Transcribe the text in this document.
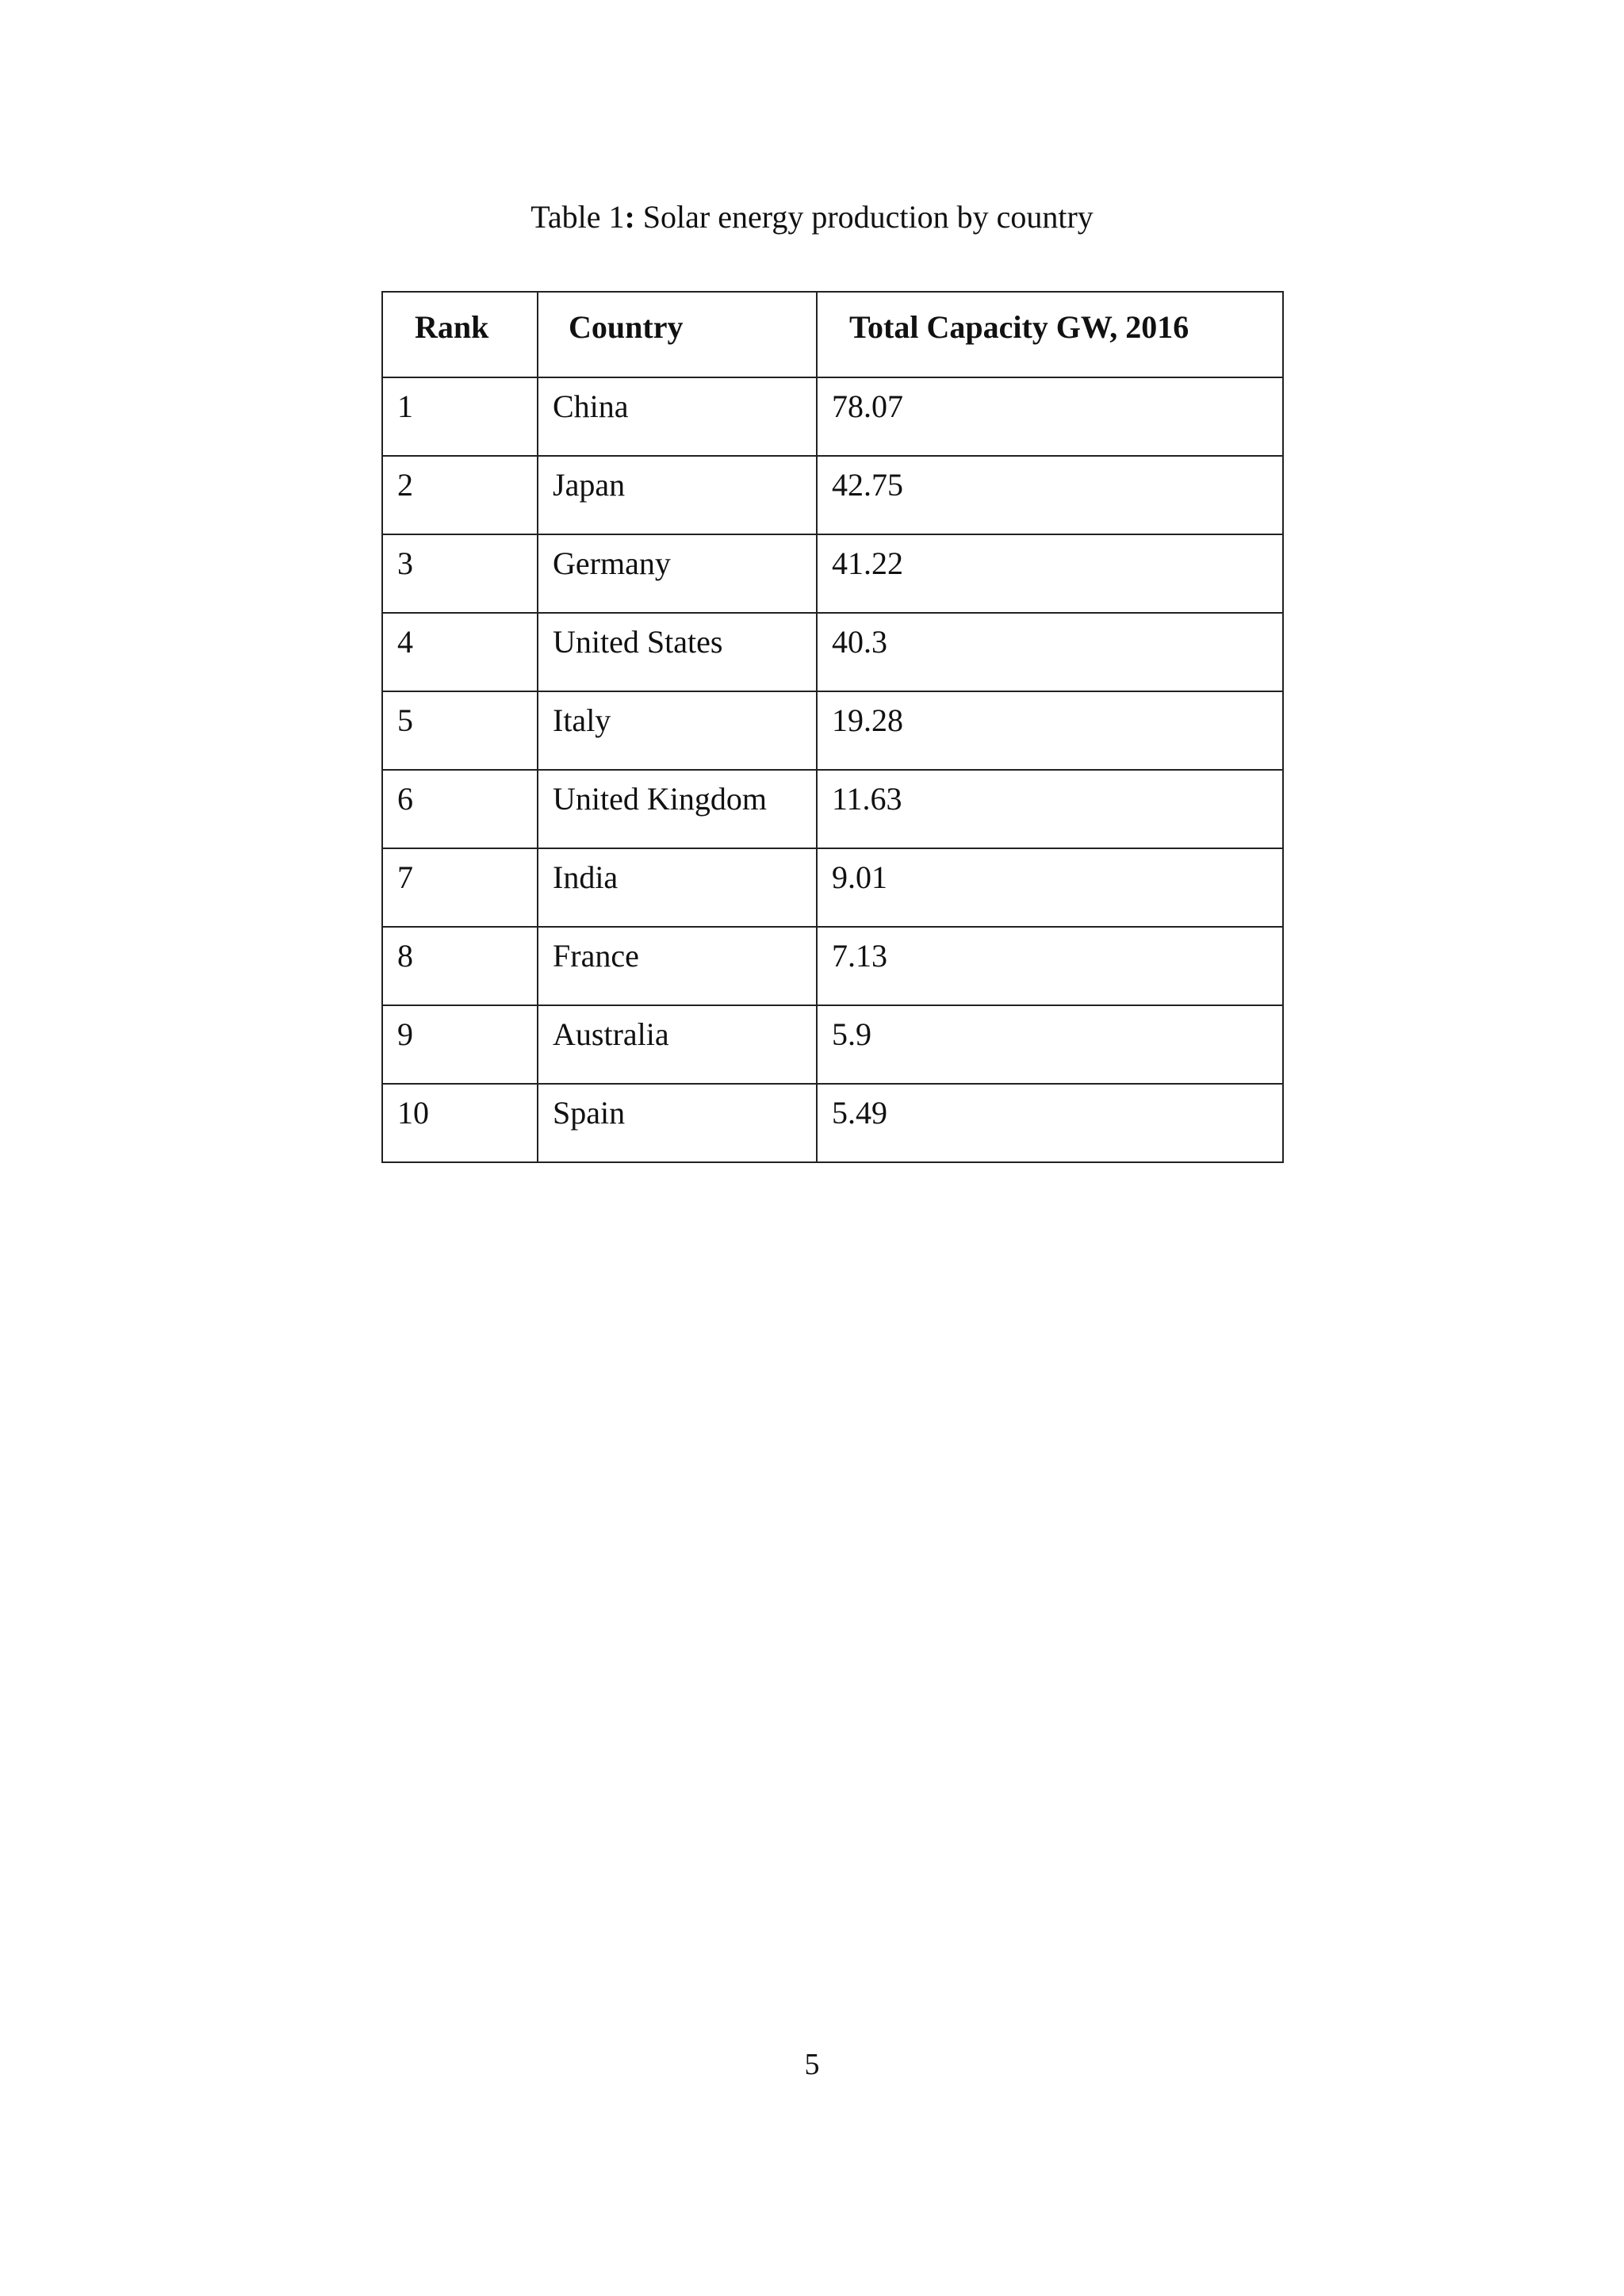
Table 1: Solar energy production by country
Rank	Country	Total Capacity GW, 2016
1	China	78.07
2	Japan	42.75
3	Germany	41.22
4	United States	40.3
5	Italy	19.28
6	United Kingdom	11.63
7	India	9.01
8	France	7.13
9	Australia	5.9
10	Spain	5.49
5
